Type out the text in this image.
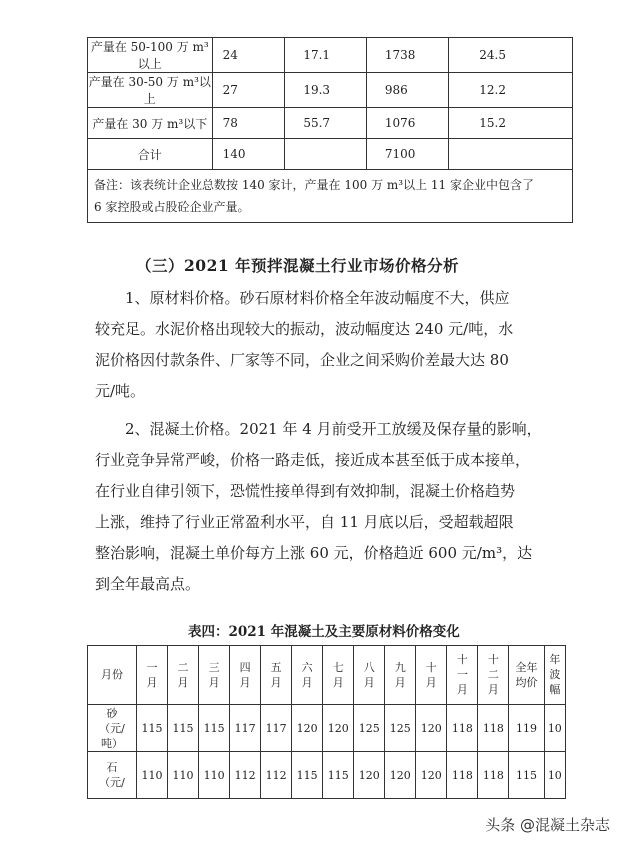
产量在 50-100 万 m³以上	24	17.1	1738	24.5
产量在 30-50 万 m³以上	27	19.3	986	12.2
产量在 30 万 m³以下	78	55.7	1076	15.2
合计	140		7100	

备注：该表统计企业总数按 140 家计，产量在 100 万 m³以上 11 家企业中包含了
6 家控股或占股砼企业产量。				
（三）2021 年预拌混凝土行业市场价格分析
1、原材料价格。砂石原材料价格全年波动幅度不大，供应
较充足。水泥价格出现较大的振动，波动幅度达 240 元/吨，水
泥价格因付款条件、厂家等不同，企业之间采购价差最大达 80
元/吨。
2、混凝土价格。2021 年 4 月前受开工放缓及保存量的影响，
行业竞争异常严峻，价格一路走低，接近成本甚至低于成本接单，
在行业自律引领下，恐慌性接单得到有效抑制，混凝土价格趋势
上涨，维持了行业正常盈利水平，自 11 月底以后，受超载超限
整治影响，混凝土单价每方上涨 60 元，价格趋近 600 元/m³，达
到全年最高点。
表四：2021 年混凝土及主要原材料价格变化
月份	一月	二月	三月	四月	五月	六月	七月	八月	九月	十月	十一月	十二月	全年均价	年波幅
砂（元/吨）	115	115	115	117	117	120	120	125	125	120	118	118	119	10
石（元/	110	110	110	112	112	115	115	120	120	120	118	118	115	10
头条 @混凝土杂志
